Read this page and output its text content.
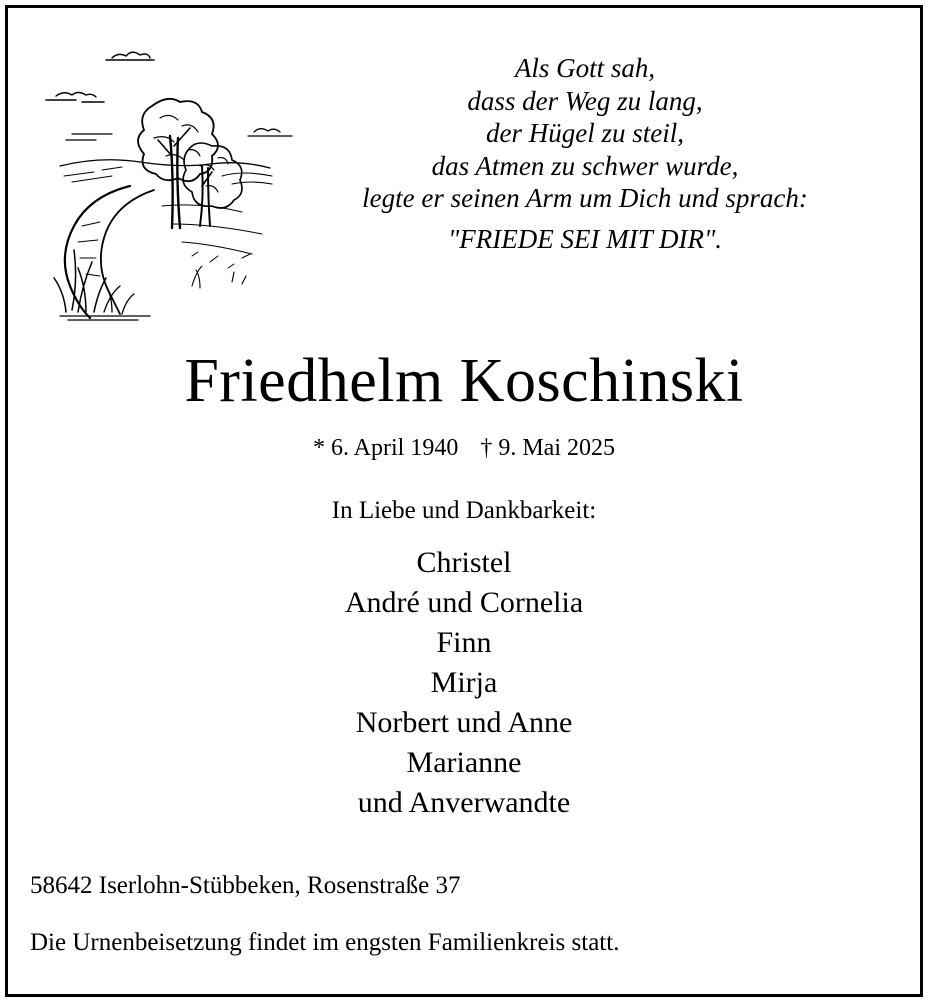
Als Gott sah,
dass der Weg zu lang,
der Hügel zu steil,
das Atmen zu schwer wurde,
legte er seinen Arm um Dich und sprach:
"FRIEDE SEI MIT DIR".
Friedhelm Koschinski
* 6. April 1940 † 9. Mai 2025
In Liebe und Dankbarkeit:
Christel
André und Cornelia
Finn
Mirja
Norbert und Anne
Marianne
und Anverwandte
58642 Iserlohn-Stübbeken, Rosenstraße 37
Die Urnenbeisetzung findet im engsten Familienkreis statt.
